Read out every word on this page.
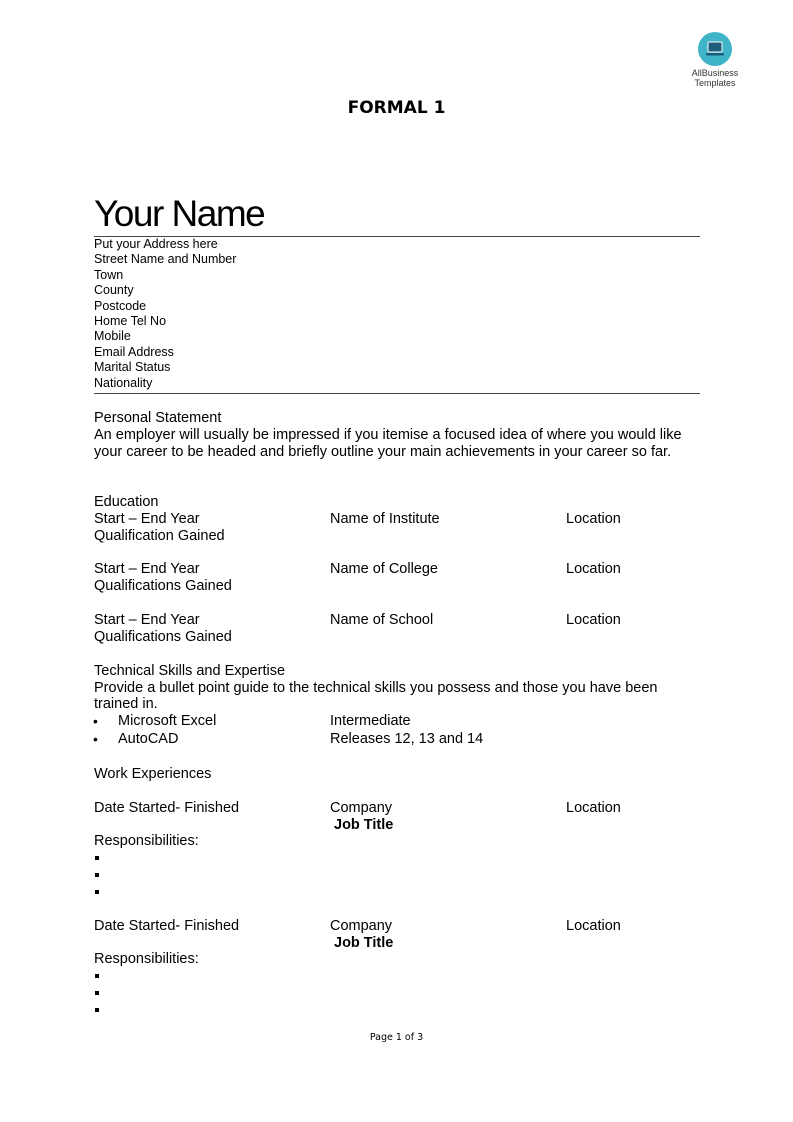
AllBusiness
Templates
FORMAL 1
Your Name
Put your Address here
Street Name and Number
Town
County
Postcode
Home Tel No
Mobile
Email Address
Marital Status
Nationality
Personal Statement
An employer will usually be impressed if you itemise a focused idea of where you would like
your career to be headed and briefly outline your main achievements in your career so far.
Education
Start – End Year	Name of Institute	Location
Qualification Gained
Start – End Year	Name of College	Location
Qualifications Gained
Start – End Year	Name of School	Location
Qualifications Gained
Technical Skills and Expertise
Provide a bullet point guide to the technical skills you possess and those you have been
trained in.
• Microsoft Excel	Intermediate
• AutoCAD	Releases 12, 13 and 14
Work Experiences
Date Started- Finished	Company	Location
Job Title
Responsibilities:
Date Started- Finished	Company	Location
Job Title
Responsibilities:
Page 1 of 3
